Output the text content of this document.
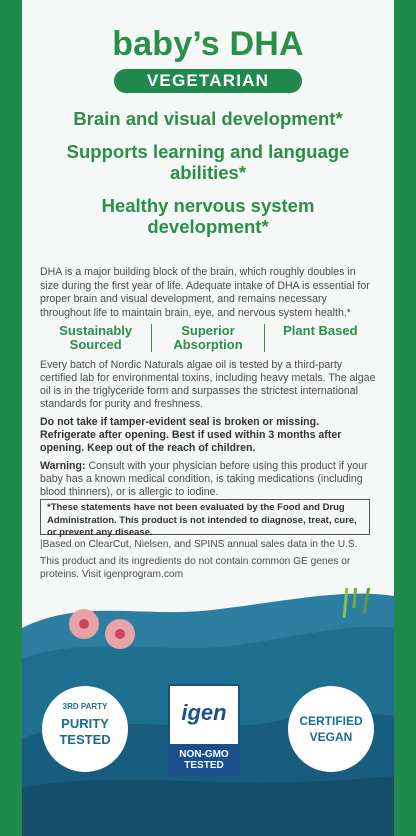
baby’s DHA
VEGETARIAN
Brain and visual development*
Supports learning and language abilities*
Healthy nervous system development*
DHA is a major building block of the brain, which roughly doubles in size during the first year of life. Adequate intake of DHA is essential for proper brain and visual development, and remains necessary throughout life to maintain brain, eye, and nervous system health.*
Sustainably Sourced
Superior Absorption
Plant Based
Every batch of Nordic Naturals algae oil is tested by a third-party certified lab for environmental toxins, including heavy metals. The algae oil is in the triglyceride form and surpasses the strictest international standards for purity and freshness.
Do not take if tamper-evident seal is broken or missing. Refrigerate after opening. Best if used within 3 months after opening. Keep out of the reach of children.
Warning: Consult with your physician before using this product if your baby has a known medical condition, is taking medications (including blood thinners), or is allergic to iodine.
*These statements have not been evaluated by the Food and Drug Administration. This product is not intended to diagnose, treat, cure, or prevent any disease.
|Based on ClearCut, Nielsen, and SPINS annual sales data in the U.S.
This product and its ingredients do not contain common GE genes or proteins. Visit igenprogram.com
3RD PARTY
PURITY
TESTED
igen
NON-GMO
TESTED
CERTIFIED
VEGAN
